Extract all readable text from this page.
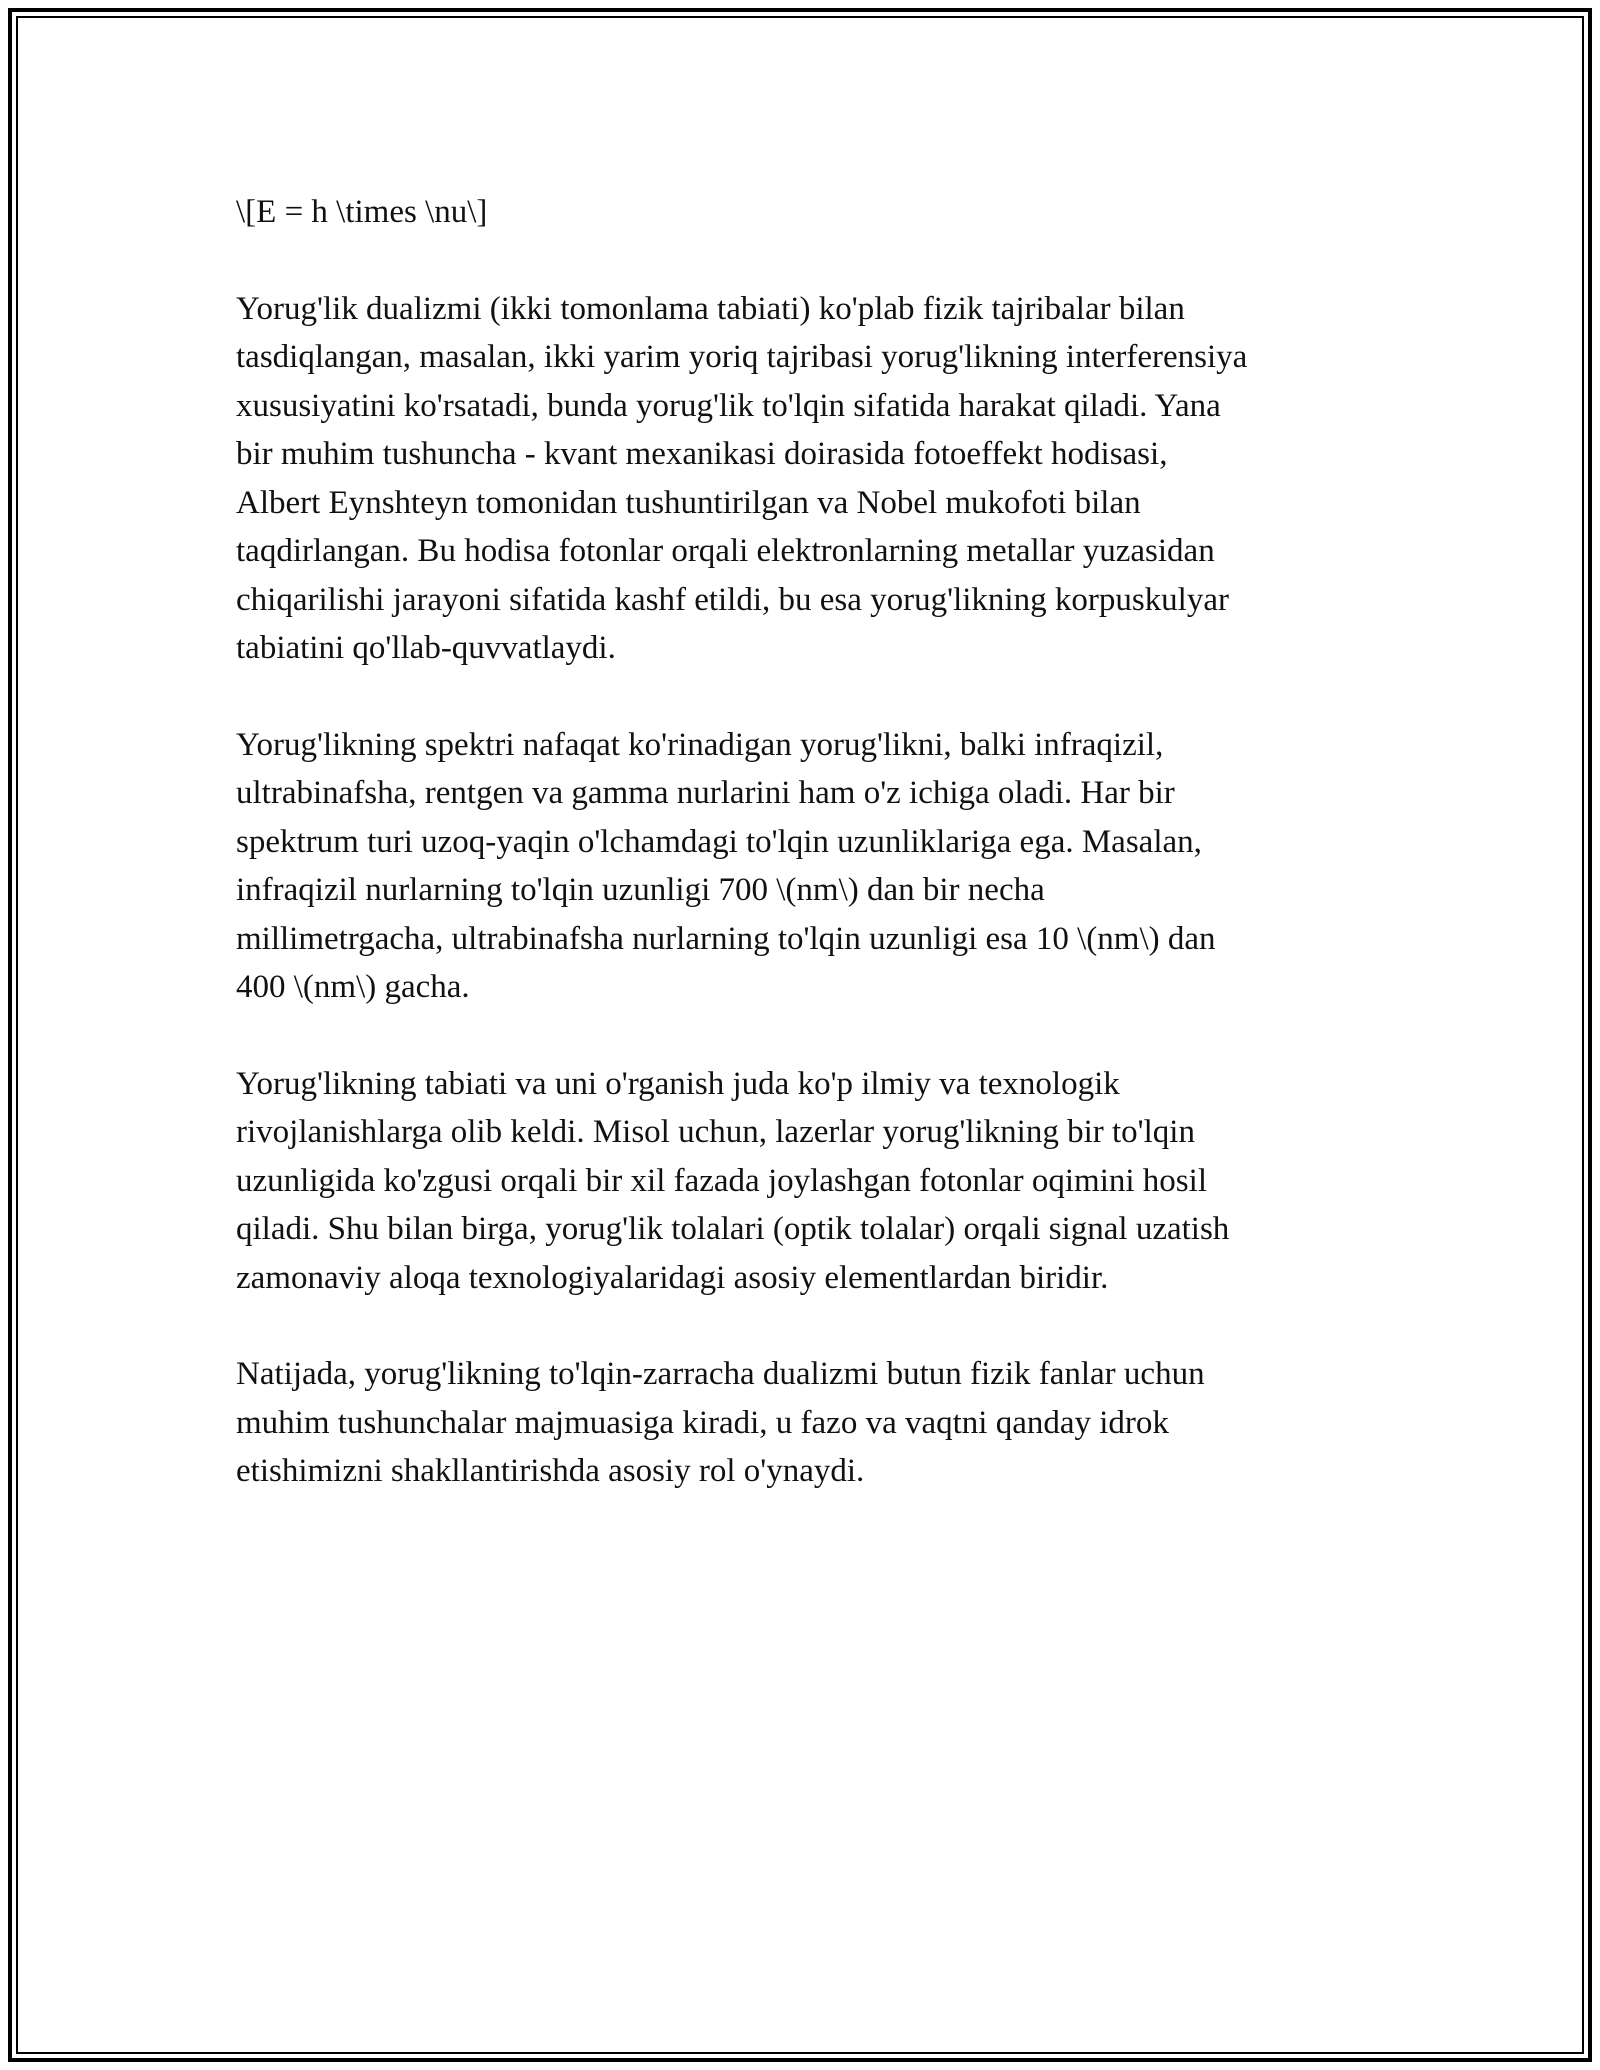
\[E = h \times \nu\]
Yorug'lik dualizmi (ikki tomonlama tabiati) ko'plab fizik tajribalar bilan
tasdiqlangan, masalan, ikki yarim yoriq tajribasi yorug'likning interferensiya
xususiyatini ko'rsatadi, bunda yorug'lik to'lqin sifatida harakat qiladi. Yana
bir muhim tushuncha - kvant mexanikasi doirasida fotoeffekt hodisasi,
Albert Eynshteyn tomonidan tushuntirilgan va Nobel mukofoti bilan
taqdirlangan. Bu hodisa fotonlar orqali elektronlarning metallar yuzasidan
chiqarilishi jarayoni sifatida kashf etildi, bu esa yorug'likning korpuskulyar
tabiatini qo'llab-quvvatlaydi.
Yorug'likning spektri nafaqat ko'rinadigan yorug'likni, balki infraqizil,
ultrabinafsha, rentgen va gamma nurlarini ham o'z ichiga oladi. Har bir
spektrum turi uzoq-yaqin o'lchamdagi to'lqin uzunliklariga ega. Masalan,
infraqizil nurlarning to'lqin uzunligi 700 \(nm\) dan bir necha
millimetrgacha, ultrabinafsha nurlarning to'lqin uzunligi esa 10 \(nm\) dan
400 \(nm\) gacha.
Yorug'likning tabiati va uni o'rganish juda ko'p ilmiy va texnologik
rivojlanishlarga olib keldi. Misol uchun, lazerlar yorug'likning bir to'lqin
uzunligida ko'zgusi orqali bir xil fazada joylashgan fotonlar oqimini hosil
qiladi. Shu bilan birga, yorug'lik tolalari (optik tolalar) orqali signal uzatish
zamonaviy aloqa texnologiyalaridagi asosiy elementlardan biridir.
Natijada, yorug'likning to'lqin-zarracha dualizmi butun fizik fanlar uchun
muhim tushunchalar majmuasiga kiradi, u fazo va vaqtni qanday idrok
etishimizni shakllantirishda asosiy rol o'ynaydi.
